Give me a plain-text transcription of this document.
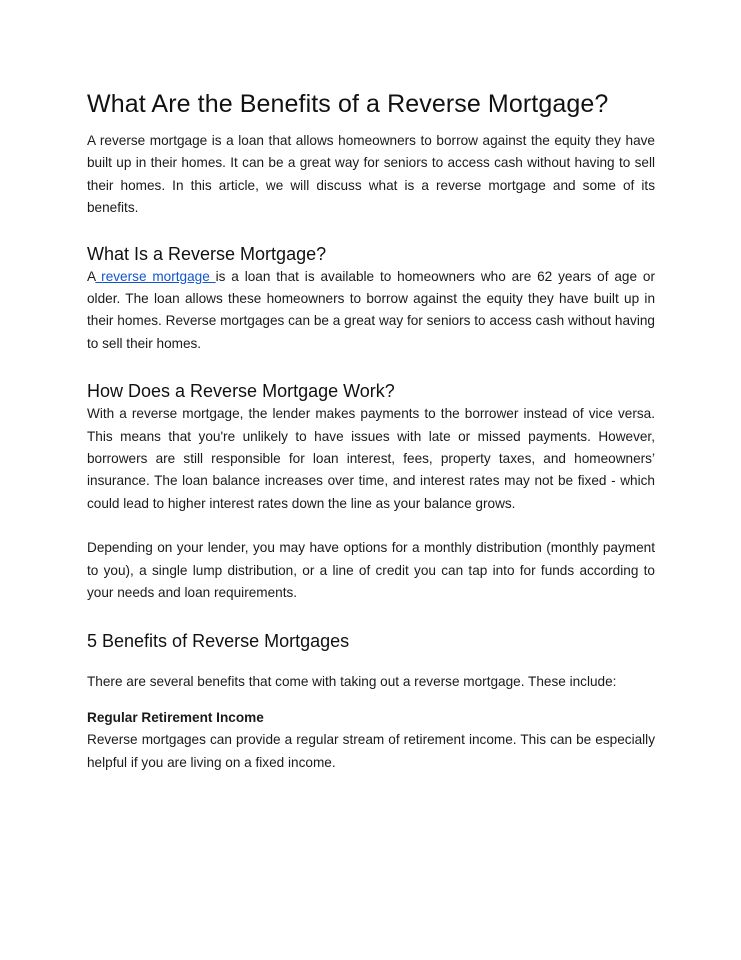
What Are the Benefits of a Reverse Mortgage?

A reverse mortgage is a loan that allows homeowners to borrow against the equity they have built up in their homes. It can be a great way for seniors to access cash without having to sell their homes. In this article, we will discuss what is a reverse mortgage and some of its benefits.

What Is a Reverse Mortgage?

A reverse mortgage is a loan that is available to homeowners who are 62 years of age or older. The loan allows these homeowners to borrow against the equity they have built up in their homes. Reverse mortgages can be a great way for seniors to access cash without having to sell their homes.

How Does a Reverse Mortgage Work?

With a reverse mortgage, the lender makes payments to the borrower instead of vice versa. This means that you're unlikely to have issues with late or missed payments. However, borrowers are still responsible for loan interest, fees, property taxes, and homeowners’ insurance. The loan balance increases over time, and interest rates may not be fixed - which could lead to higher interest rates down the line as your balance grows.

Depending on your lender, you may have options for a monthly distribution (monthly payment to you), a single lump distribution, or a line of credit you can tap into for funds according to your needs and loan requirements.

5 Benefits of Reverse Mortgages

There are several benefits that come with taking out a reverse mortgage. These include:

Regular Retirement Income

Reverse mortgages can provide a regular stream of retirement income. This can be especially helpful if you are living on a fixed income.
